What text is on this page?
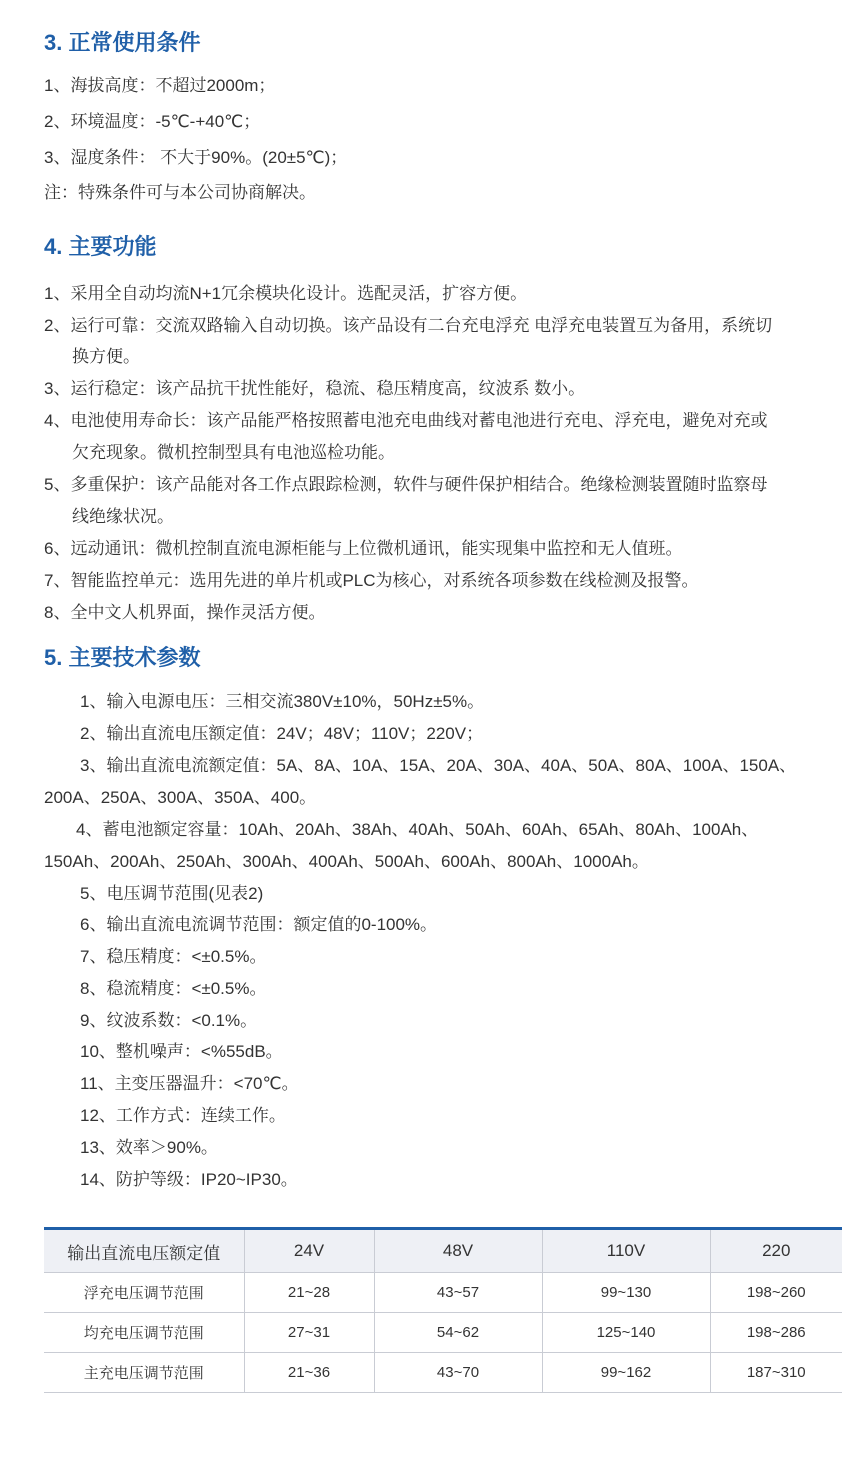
3. 正常使用条件
1、海拔高度：不超过2000m；
2、环境温度：-5℃-+40℃；
3、湿度条件： 不大于90%。(20±5℃)；
注：特殊条件可与本公司协商解决。
4. 主要功能
1、采用全自动均流N+1冗余模块化设计。选配灵活，扩容方便。
2、运行可靠：交流双路输入自动切换。该产品设有二台充电浮充 电浮充电装置互为备用，系统切
换方便。
3、运行稳定：该产品抗干扰性能好，稳流、稳压精度高，纹波系 数小。
4、电池使用寿命长：该产品能严格按照蓄电池充电曲线对蓄电池进行充电、浮充电，避免对充或
欠充现象。微机控制型具有电池巡检功能。
5、多重保护：该产品能对各工作点跟踪检测，软件与硬件保护相结合。绝缘检测装置随时监察母
线绝缘状况。
6、远动通讯：微机控制直流电源柜能与上位微机通讯，能实现集中监控和无人值班。
7、智能监控单元：选用先进的单片机或PLC为核心，对系统各项参数在线检测及报警。
8、全中文人机界面，操作灵活方便。
5. 主要技术参数
1、输入电源电压：三相交流380V±10%，50Hz±5%。
2、输出直流电压额定值：24V；48V；110V；220V；
3、输出直流电流额定值：5A、8A、10A、15A、20A、30A、40A、50A、80A、100A、150A、
200A、250A、300A、350A、400。
4、蓄电池额定容量：10Ah、20Ah、38Ah、40Ah、50Ah、60Ah、65Ah、80Ah、100Ah、
150Ah、200Ah、250Ah、300Ah、400Ah、500Ah、600Ah、800Ah、1000Ah。
5、电压调节范围(见表2)
6、输出直流电流调节范围：额定值的0-100%。
7、稳压精度：<±0.5%。
8、稳流精度：<±0.5%。
9、纹波系数：<0.1%。
10、整机噪声：<%55dB。
11、主变压器温升：<70℃。
12、工作方式：连续工作。
13、效率＞90%。
14、防护等级：IP20~IP30。
输出直流电压额定值	24V	48V	110V	220
浮充电压调节范围	21~28	43~57	99~130	198~260
均充电压调节范围	27~31	54~62	125~140	198~286
主充电压调节范围	21~36	43~70	99~162	187~310
